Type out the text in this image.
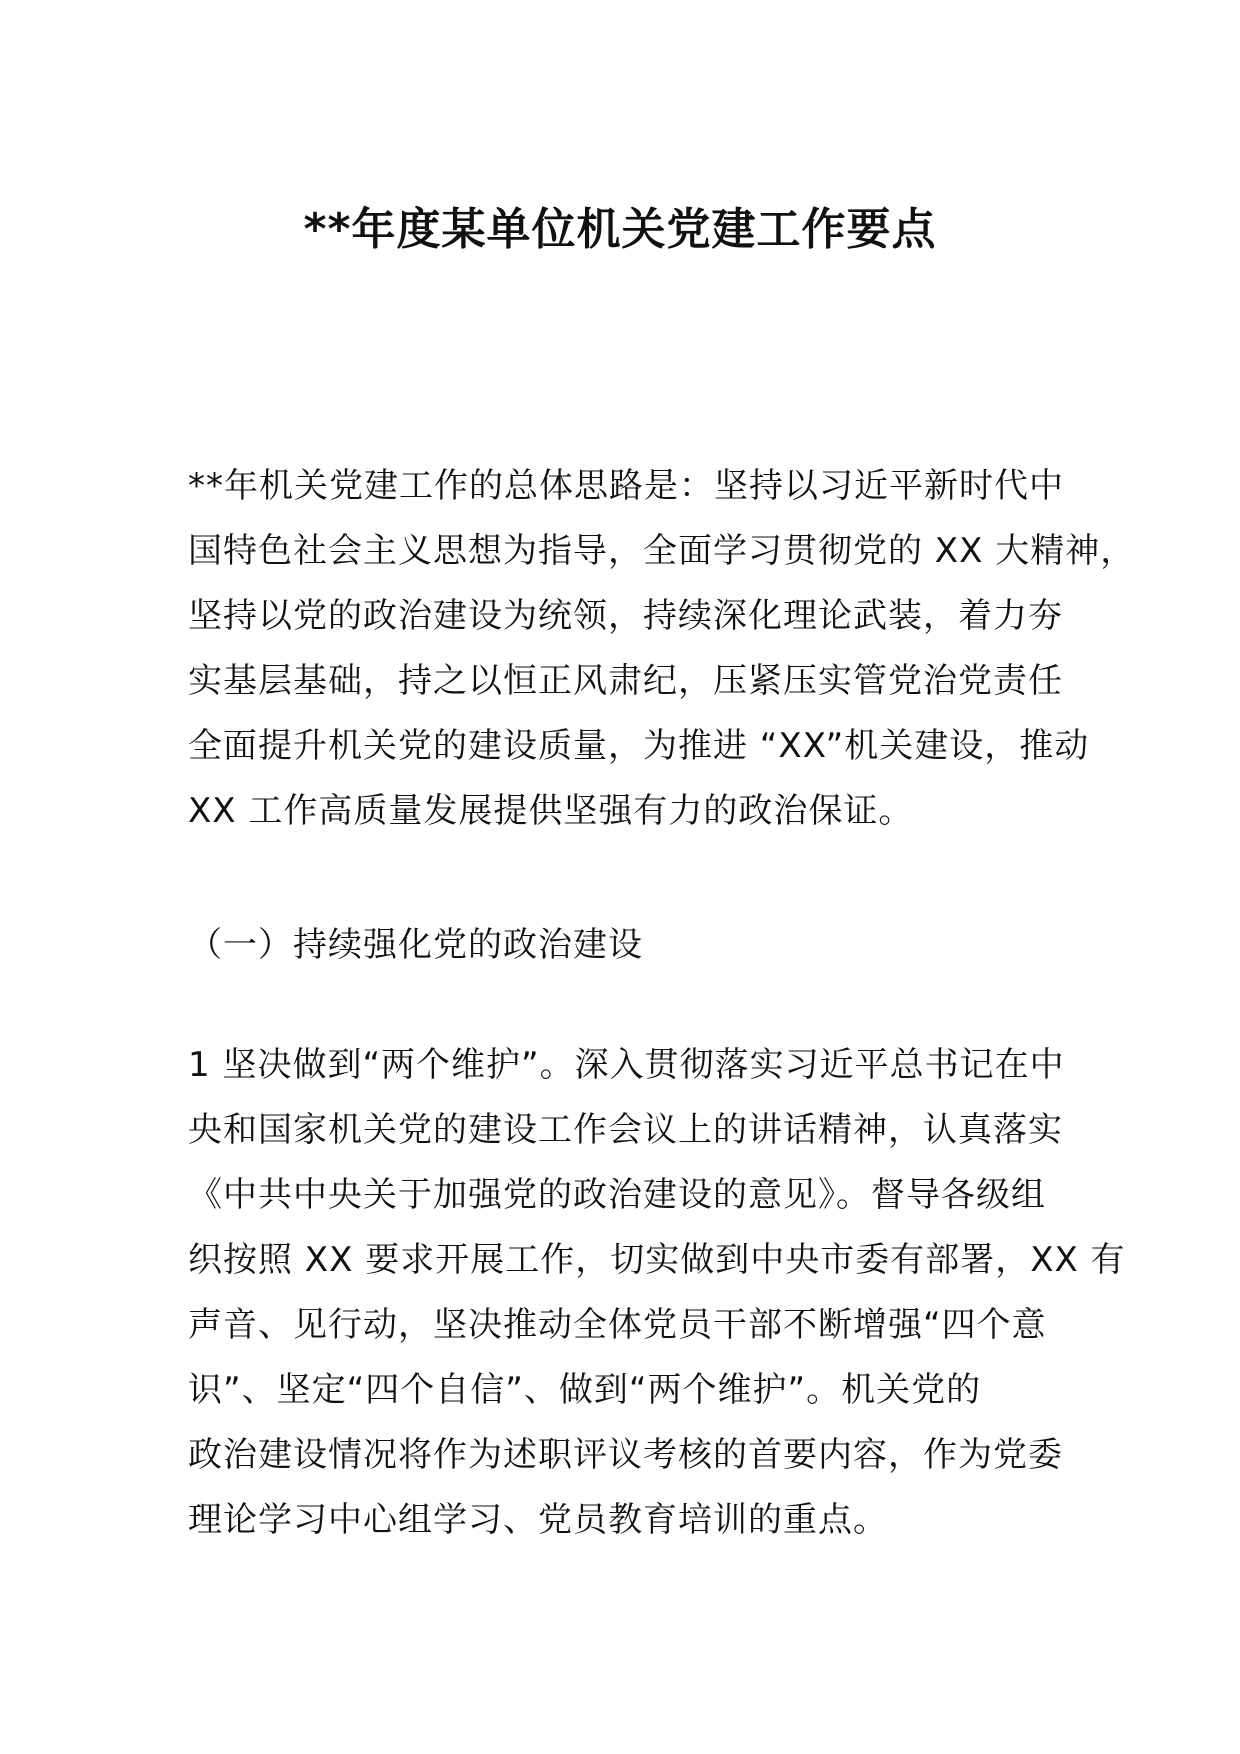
**年度某单位机关党建工作要点

**年机关党建工作的总体思路是：坚持以习近平新时代中
国特色社会主义思想为指导，全面学习贯彻党的 XX 大精神，
坚持以党的政治建设为统领，持续深化理论武装，着力夯
实基层基础，持之以恒正风肃纪，压紧压实管党治党责任
全面提升机关党的建设质量，为推进 “XX”机关建设，推动
XX 工作高质量发展提供坚强有力的政治保证。

（一）持续强化党的政治建设

1 坚决做到“两个维护”。深入贯彻落实习近平总书记在中
央和国家机关党的建设工作会议上的讲话精神，认真落实
《中共中央关于加强党的政治建设的意见》。督导各级组
织按照 XX 要求开展工作，切实做到中央市委有部署，XX 有
声音、见行动，坚决推动全体党员干部不断增强“四个意
识”、坚定“四个自信”、做到“两个维护”。机关党的
政治建设情况将作为述职评议考核的首要内容，作为党委
理论学习中心组学习、党员教育培训的重点。
